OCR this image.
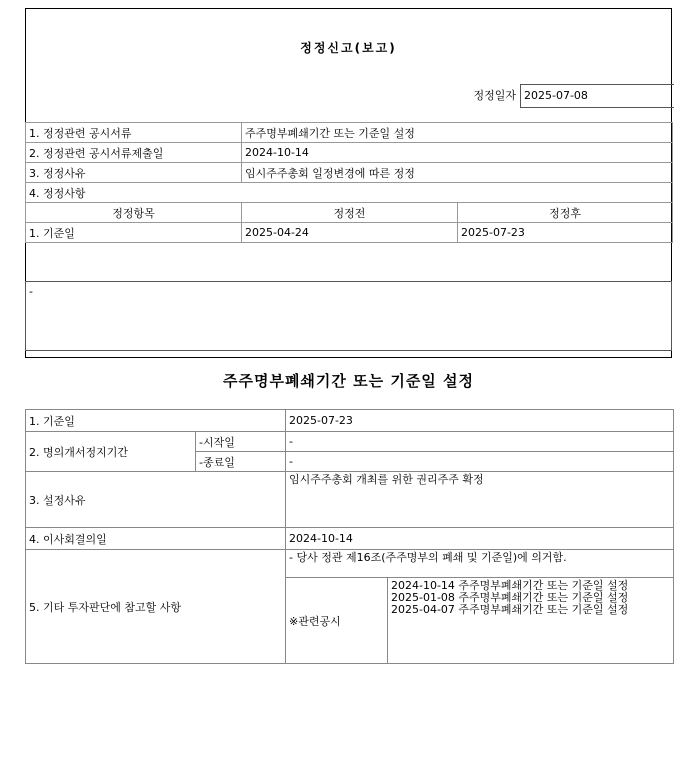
정정신고(보고)
정정일자 2025-07-08
1. 정정관련 공시서류	주주명부폐쇄기간 또는 기준일 설정	
2. 정정관련 공시서류제출일	2024-10-14	
3. 정정사유	임시주주총회 일정변경에 따른 정정	
4. 정정사항		
정정항목	정정전	정정후
1. 기준일	2025-04-24	2025-07-23
-
주주명부폐쇄기간 또는 기준일 설정
1. 기준일		2025-07-23	
2. 명의개서정지기간	-시작일	-	
	-종료일	-	
3. 설정사유		임시주주총회 개최를 위한 권리주주 확정	
4. 이사회결의일		2024-10-14	
5. 기타 투자판단에 참고할 사항		- 당사 정관 제16조(주주명부의 폐쇄 및 기준일)에 의거함.	
		※관련공시	2024-10-14 주주명부폐쇄기간 또는 기준일 설정
2025-01-08 주주명부폐쇄기간 또는 기준일 설정
2025-04-07 주주명부폐쇄기간 또는 기준일 설정
